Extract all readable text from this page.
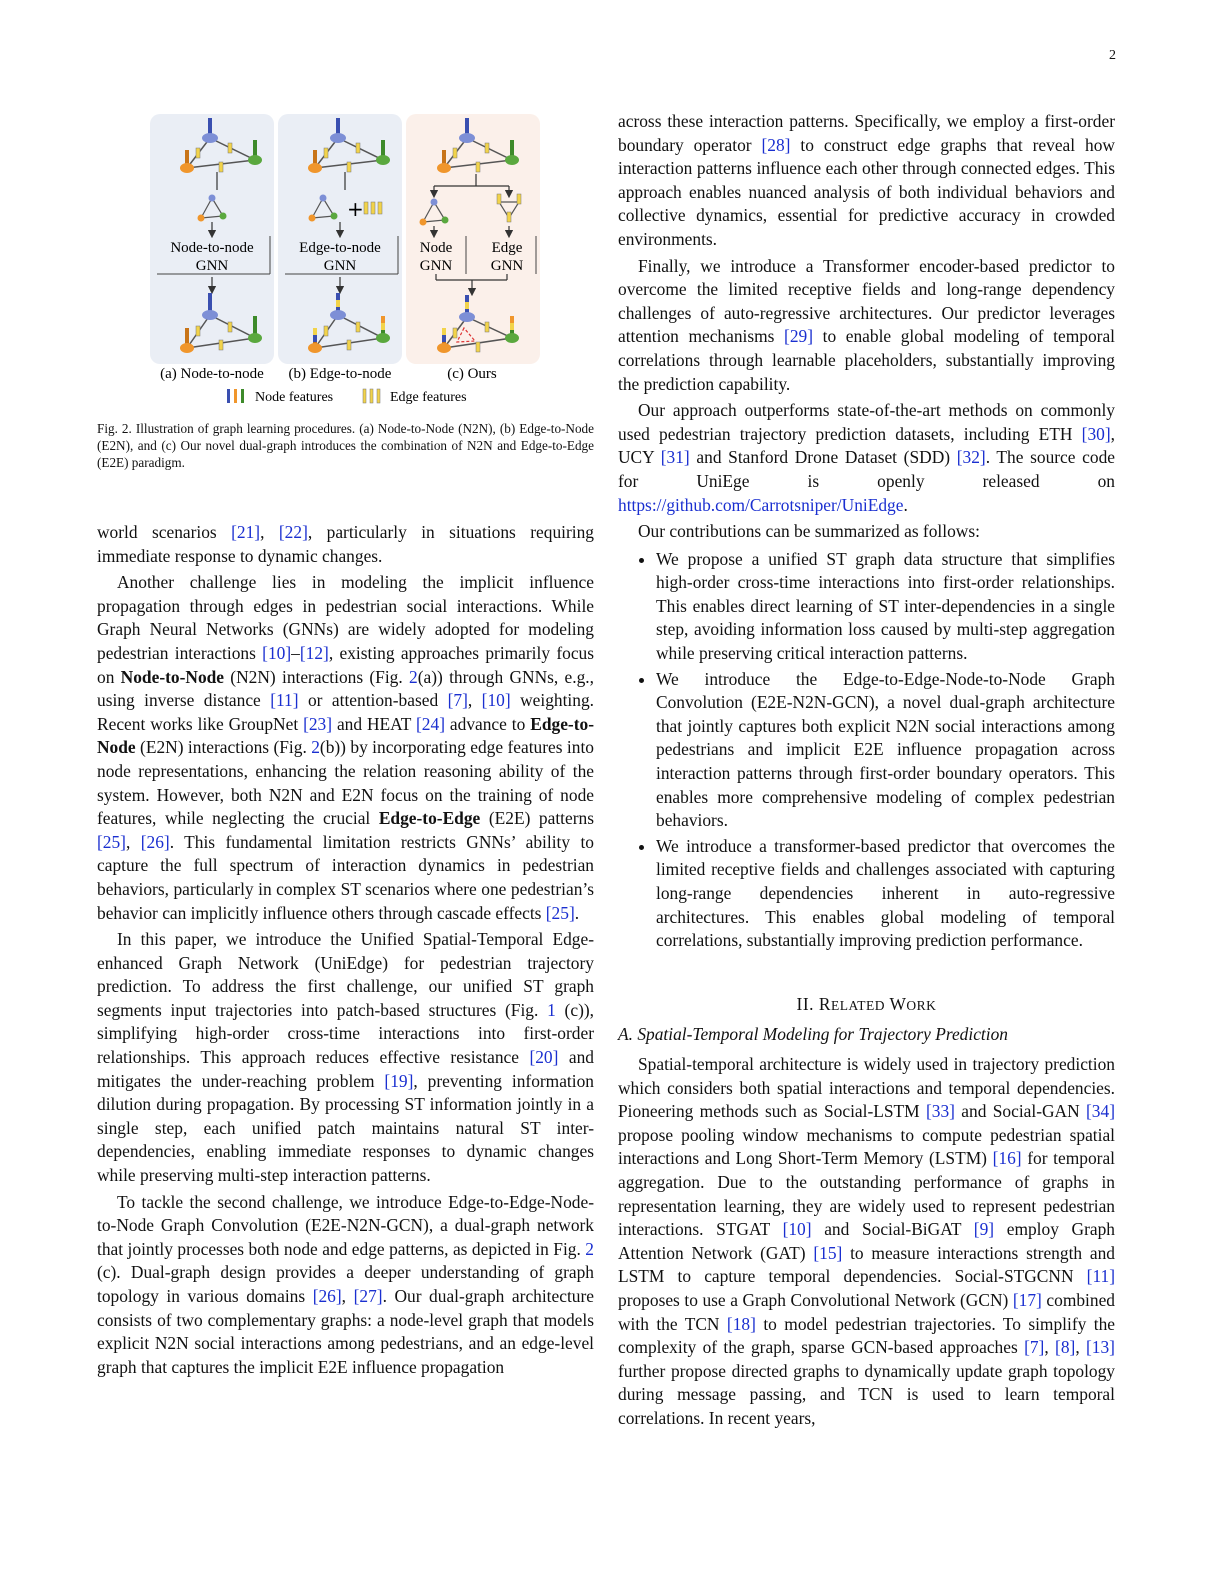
2
Node-to-node
GNN
+
Edge-to-node
GNN
Node
GNN
Edge
GNN
(a) Node-to-node (b) Edge-to-node	(c) Ours
Node features	Edge features
Fig. 2. Illustration of graph learning procedures. (a) Node-to-Node (N2N), (b) Edge-to-Node (E2N), and (c) Our novel dual-graph introduces the combination of N2N and Edge-to-Edge (E2E) paradigm.

world scenarios [21], [22], particularly in situations requiring immediate response to dynamic changes.

Another challenge lies in modeling the implicit influence propagation through edges in pedestrian social interactions. While Graph Neural Networks (GNNs) are widely adopted for modeling pedestrian interactions [10]–[12], existing approaches primarily focus on Node-to-Node (N2N) interactions (Fig. 2(a)) through GNNs, e.g., using inverse distance [11] or attention-based [7], [10] weighting. Recent works like GroupNet [23] and HEAT [24] advance to Edge-to-Node (E2N) interactions (Fig. 2(b)) by incorporating edge features into node representations, enhancing the relation reasoning ability of the system. However, both N2N and E2N focus on the training of node features, while neglecting the crucial Edge-to-Edge (E2E) patterns [25], [26]. This fundamental limitation restricts GNNs’ ability to capture the full spectrum of interaction dynamics in pedestrian behaviors, particularly in complex ST scenarios where one pedestrian’s behavior can implicitly influence others through cascade effects [25].

In this paper, we introduce the Unified Spatial-Temporal Edge-enhanced Graph Network (UniEdge) for pedestrian trajectory prediction. To address the first challenge, our unified ST graph segments input trajectories into patch-based structures (Fig. 1 (c)), simplifying high-order cross-time interactions into first-order relationships. This approach reduces effective resistance [20] and mitigates the under-reaching problem [19], preventing information dilution during propagation. By processing ST information jointly in a single step, each unified patch maintains natural ST inter-dependencies, enabling immediate responses to dynamic changes while preserving multi-step interaction patterns.

To tackle the second challenge, we introduce Edge-to-Edge-Node-to-Node Graph Convolution (E2E-N2N-GCN), a dual-graph network that jointly processes both node and edge patterns, as depicted in Fig. 2 (c). Dual-graph design provides a deeper understanding of graph topology in various domains [26], [27]. Our dual-graph architecture consists of two complementary graphs: a node-level graph that models explicit N2N social interactions among pedestrians, and an edge-level graph that captures the implicit E2E influence propagation

across these interaction patterns. Specifically, we employ a first-order boundary operator [28] to construct edge graphs that reveal how interaction patterns influence each other through connected edges. This approach enables nuanced analysis of both individual behaviors and collective dynamics, essential for predictive accuracy in crowded environments.

Finally, we introduce a Transformer encoder-based predictor to overcome the limited receptive fields and long-range dependency challenges of auto-regressive architectures. Our predictor leverages attention mechanisms [29] to enable global modeling of temporal correlations through learnable placeholders, substantially improving the prediction capability.

Our approach outperforms state-of-the-art methods on commonly used pedestrian trajectory prediction datasets, including ETH [30], UCY [31] and Stanford Drone Dataset (SDD) [32]. The source code for UniEge is openly released on https://github.com/Carrotsniper/UniEdge.

Our contributions can be summarized as follows:

• We propose a unified ST graph data structure that simplifies high-order cross-time interactions into first-order relationships. This enables direct learning of ST inter-dependencies in a single step, avoiding information loss caused by multi-step aggregation while preserving critical interaction patterns.
• We introduce the Edge-to-Edge-Node-to-Node Graph Convolution (E2E-N2N-GCN), a novel dual-graph architecture that jointly captures both explicit N2N social interactions among pedestrians and implicit E2E influence propagation across interaction patterns through first-order boundary operators. This enables more comprehensive modeling of complex pedestrian behaviors.
• We introduce a transformer-based predictor that overcomes the limited receptive fields and challenges associated with capturing long-range dependencies inherent in auto-regressive architectures. This enables global modeling of temporal correlations, substantially improving prediction performance.
II. RELATED WORK
A. Spatial-Temporal Modeling for Trajectory Prediction

Spatial-temporal architecture is widely used in trajectory prediction which considers both spatial interactions and temporal dependencies. Pioneering methods such as Social-LSTM [33] and Social-GAN [34] propose pooling window mechanisms to compute pedestrian spatial interactions and Long Short-Term Memory (LSTM) [16] for temporal aggregation. Due to the outstanding performance of graphs in representation learning, they are widely used to represent pedestrian interactions. STGAT [10] and Social-BiGAT [9] employ Graph Attention Network (GAT) [15] to measure interactions strength and LSTM to capture temporal dependencies. Social-STGCNN [11] proposes to use a Graph Convolutional Network (GCN) [17] combined with the TCN [18] to model pedestrian trajectories. To simplify the complexity of the graph, sparse GCN-based approaches [7], [8], [13] further propose directed graphs to dynamically update graph topology during message passing, and TCN is used to learn temporal correlations. In recent years,
